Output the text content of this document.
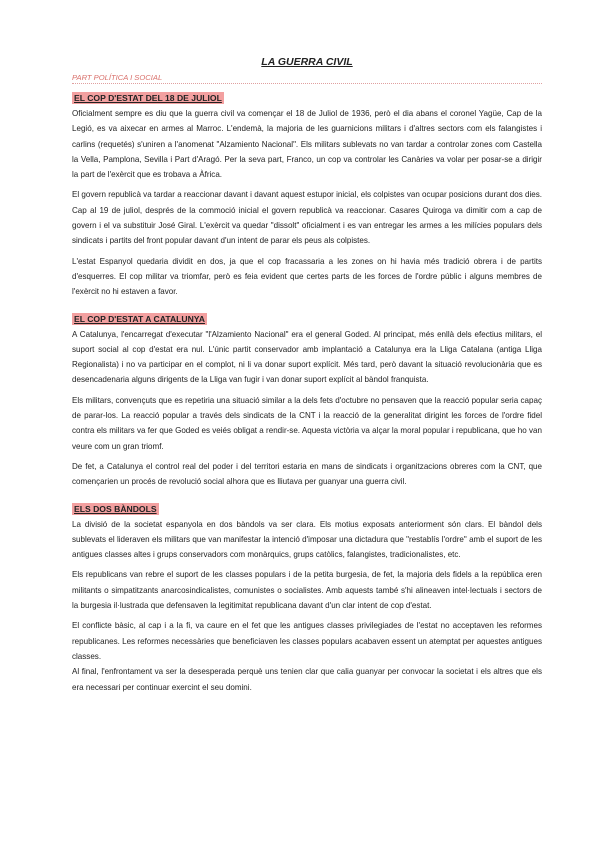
LA GUERRA CIVIL
PART POLÍTICA I SOCIAL
EL COP D'ESTAT DEL 18 DE JULIOL

Oficialment sempre es diu que la guerra civil va començar el 18 de Juliol de 1936, però el dia abans el coronel Yagüe, Cap de la Legió, es va aixecar en armes al Marroc. L'endemà, la majoria de les guarnicions militars i d'altres sectors com els falangistes i carlins (requetés) s'uniren a l'anomenat "Alzamiento Nacional". Els militars sublevats no van tardar a controlar zones com Castella la Vella, Pamplona, Sevilla i Part d'Aragó. Per la seva part, Franco, un cop va controlar les Canàries va volar per posar-se a dirigir la part de l'exèrcit que es trobava a Àfrica.

El govern republicà va tardar a reaccionar davant i davant aquest estupor inicial, els colpistes van ocupar posicions durant dos dies. Cap al 19 de juliol, després de la commoció inicial el govern republicà va reaccionar. Casares Quiroga va dimitir com a cap de govern i el va substituir José Giral. L'exèrcit va quedar "dissolt" oficialment i es van entregar les armes a les milícies populars dels sindicats i partits del front popular davant d'un intent de parar els peus als colpistes.

L'estat Espanyol quedaria dividit en dos, ja que el cop fracassaria a les zones on hi havia més tradició obrera i de partits d'esquerres. El cop militar va triomfar, però es feia evident que certes parts de les forces de l'ordre públic i alguns membres de l'exèrcit no hi estaven a favor.

EL COP D'ESTAT A CATALUNYA

A Catalunya, l'encarregat d'executar "l'Alzamiento Nacional" era el general Goded. Al principat, més enllà dels efectius militars, el suport social al cop d'estat era nul. L'únic partit conservador amb implantació a Catalunya era la Lliga Catalana (antiga Lliga Regionalista) i no va participar en el complot, ni li va donar suport explícit. Més tard, però davant la situació revolucionària que es desencadenaria alguns dirigents de la Lliga van fugir i van donar suport explícit al bàndol franquista.

Els militars, convençuts que es repetiria una situació similar a la dels fets d'octubre no pensaven que la reacció popular seria capaç de parar-los. La reacció popular a través dels sindicats de la CNT i la reacció de la generalitat dirigint les forces de l'ordre fidel contra els militars va fer que Goded es veiés obligat a rendir-se. Aquesta victòria va alçar la moral popular i republicana, que ho van veure com un gran triomf.

De fet, a Catalunya el control real del poder i del territori estaria en mans de sindicats i organitzacions obreres com la CNT, que començarien un procés de revolució social alhora que es lliutava per guanyar una guerra civil.

ELS DOS BÀNDOLS

La divisió de la societat espanyola en dos bàndols va ser clara. Els motius exposats anteriorment són clars. El bàndol dels sublevats el lideraven els militars que van manifestar la intenció d'imposar una dictadura que "restablís l'ordre" amb el suport de les antigues classes altes i grups conservadors com monàrquics, grups catòlics, falangistes, tradicionalistes, etc.

Els republicans van rebre el suport de les classes populars i de la petita burgesia, de fet, la majoria dels fidels a la república eren militants o simpatitzants anarcosindicalistes, comunistes o socialistes. Amb aquests també s'hi alineaven intel·lectuals i sectors de la burgesia il·lustrada que defensaven la legitimitat republicana davant d'un clar intent de cop d'estat.

El conflicte bàsic, al cap i a la fi, va caure en el fet que les antigues classes privilegiades de l'estat no acceptaven les reformes republicanes. Les reformes necessàries que beneficiaven les classes populars acabaven essent un atemptat per aquestes antigues classes.

Al final, l'enfrontament va ser la desesperada perquè uns tenien clar que calia guanyar per convocar la societat i els altres que els era necessari per continuar exercint el seu domini.
